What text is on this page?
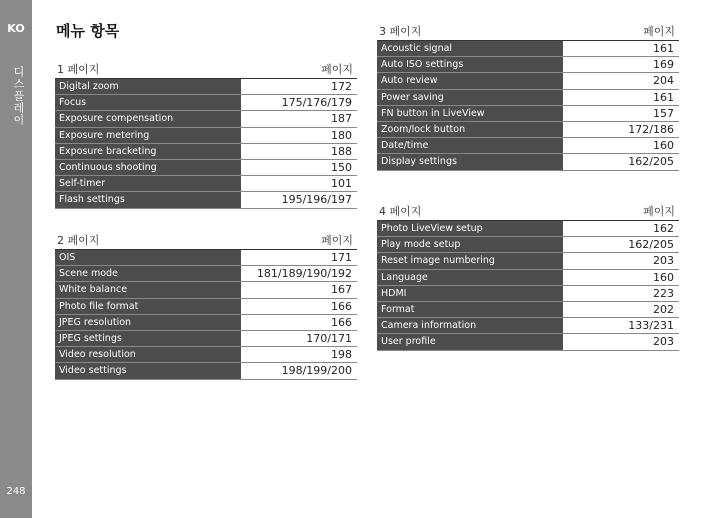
KO
디스플레이
248
메뉴 항목
1 페이지	페이지
Digital zoom	172
Focus	175/176/179
Exposure compensation	187
Exposure metering	180
Exposure bracketing	188
Continuous shooting	150
Self-timer	101
Flash settings	195/196/197
2 페이지	페이지
OIS	171
Scene mode	181/189/190/192
White balance	167
Photo file format	166
JPEG resolution	166
JPEG settings	170/171
Video resolution	198
Video settings	198/199/200
3 페이지	페이지
Acoustic signal	161
Auto ISO settings	169
Auto review	204
Power saving	161
FN button in LiveView	157
Zoom/lock button	172/186
Date/time	160
Display settings	162/205
4 페이지	페이지
Photo LiveView setup	162
Play mode setup	162/205
Reset image numbering	203
Language	160
HDMI	223
Format	202
Camera information	133/231
User profile	203
